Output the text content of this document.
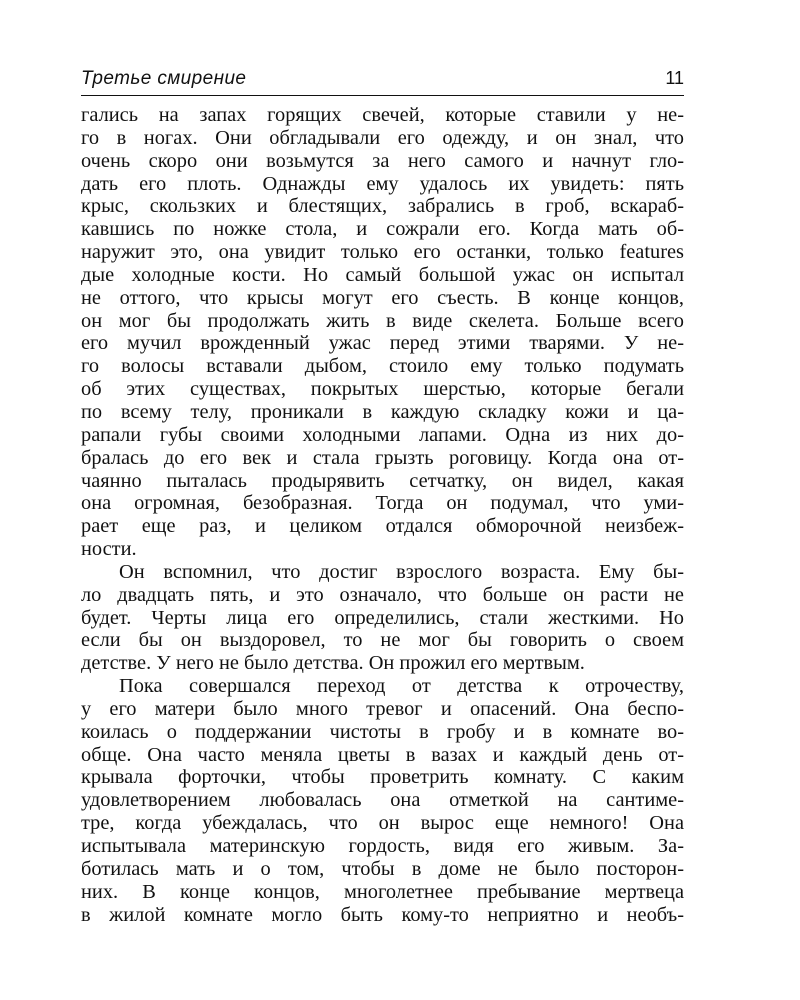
Третье смирение	11
гались на запах горящих свечей, которые ставили у не-
го в ногах. Они обгладывали его одежду, и он знал, что
очень скоро они возьмутся за него самого и начнут гло-
дать его плоть. Однажды ему удалось их увидеть: пять
крыс, скользких и блестящих, забрались в гроб, вскараб-
кавшись по ножке стола, и сожрали его. Когда мать об-
наружит это, она увидит только его останки, только features
дые холодные кости. Но самый большой ужас он испытал
не оттого, что крысы могут его съесть. В конце концов,
он мог бы продолжать жить в виде скелета. Больше всего
его мучил врожденный ужас перед этими тварями. У не-
го волосы вставали дыбом, стоило ему только подумать
об этих существах, покрытых шерстью, которые бегали
по всему телу, проникали в каждую складку кожи и ца-
рапали губы своими холодными лапами. Одна из них до-
бралась до его век и стала грызть роговицу. Когда она от-
чаянно пыталась продырявить сетчатку, он видел, какая
она огромная, безобразная. Тогда он подумал, что уми-
рает еще раз, и целиком отдался обморочной неизбеж-
ности.
Он вспомнил, что достиг взрослого возраста. Ему бы-
ло двадцать пять, и это означало, что больше он расти не
будет. Черты лица его определились, стали жесткими. Но
если бы он выздоровел, то не мог бы говорить о своем
детстве. У него не было детства. Он прожил его мертвым.
Пока совершался переход от детства к отрочеству,
у его матери было много тревог и опасений. Она беспо-
коилась о поддержании чистоты в гробу и в комнате во-
обще. Она часто меняла цветы в вазах и каждый день от-
крывала форточки, чтобы проветрить комнату. С каким
удовлетворением любовалась она отметкой на сантиме-
тре, когда убеждалась, что он вырос еще немного! Она
испытывала материнскую гордость, видя его живым. За-
ботилась мать и о том, чтобы в доме не было посторон-
них. В конце концов, многолетнее пребывание мертвеца
в жилой комнате могло быть кому-то неприятно и необъ-
